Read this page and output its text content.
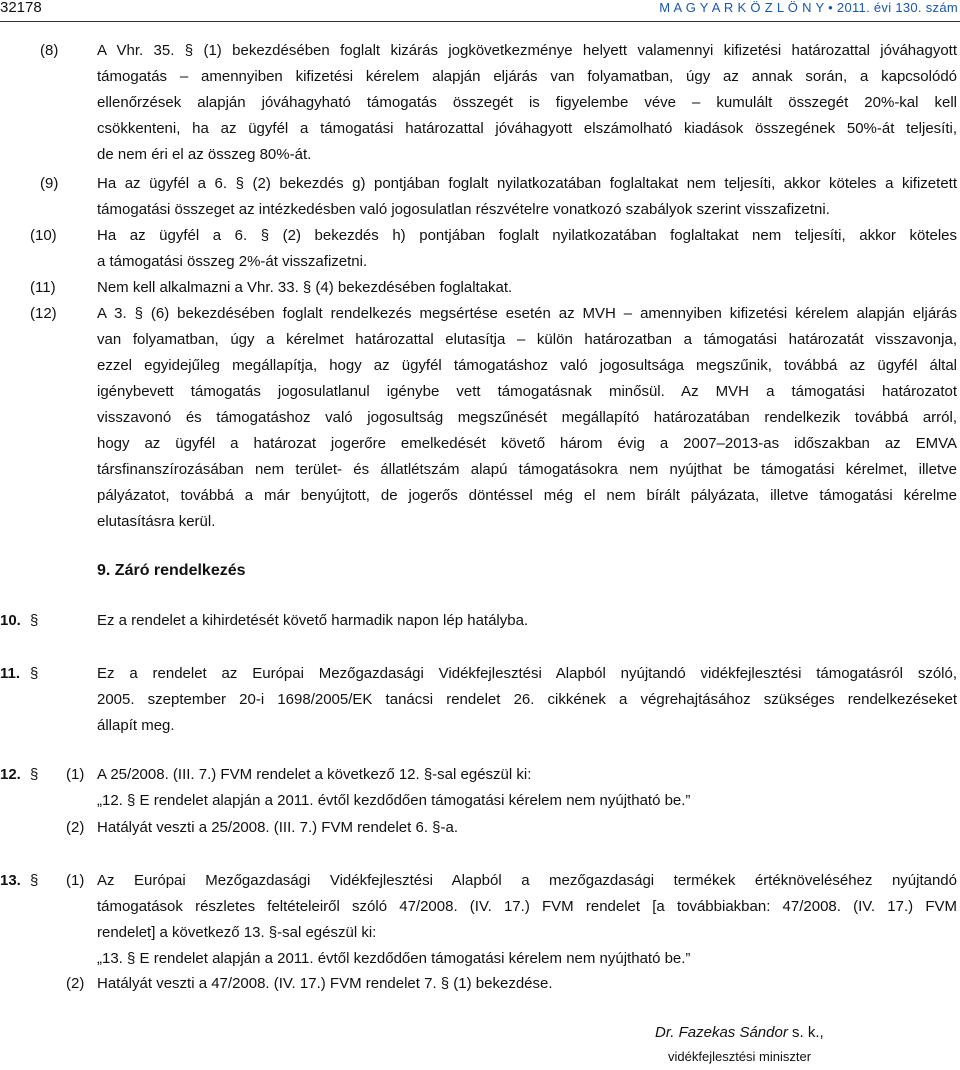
32178	M A G Y A R K Ö Z L Ö N Y • 2011. évi 130. szám
(8)	A Vhr. 35. § (1) bekezdésében foglalt kizárás jogkövetkezménye helyett valamennyi kifizetési határozattal jóváhagyott
támogatás – amennyiben kifizetési kérelem alapján eljárás van folyamatban, úgy az annak során, a kapcsolódó
ellenőrzések alapján jóváhagyható támogatás összegét is figyelembe véve – kumulált összegét 20%-kal kell
csökkenteni, ha az ügyfél a támogatási határozattal jóváhagyott elszámolható kiadások összegének 50%-át teljesíti,
de nem éri el az összeg 80%-át.
(9)	Ha az ügyfél a 6. § (2) bekezdés g) pontjában foglalt nyilatkozatában foglaltakat nem teljesíti, akkor köteles a kifizetett
támogatási összeget az intézkedésben való jogosulatlan részvételre vonatkozó szabályok szerint visszafizetni.
(10)	Ha az ügyfél a 6. § (2) bekezdés h) pontjában foglalt nyilatkozatában foglaltakat nem teljesíti, akkor köteles
a támogatási összeg 2%-át visszafizetni.
(11)	Nem kell alkalmazni a Vhr. 33. § (4) bekezdésében foglaltakat.
(12)	A 3. § (6) bekezdésében foglalt rendelkezés megsértése esetén az MVH – amennyiben kifizetési kérelem alapján eljárás
van folyamatban, úgy a kérelmet határozattal elutasítja – külön határozatban a támogatási határozatát visszavonja,
ezzel egyidejűleg megállapítja, hogy az ügyfél támogatáshoz való jogosultsága megszűnik, továbbá az ügyfél által
igénybevett támogatás jogosulatlanul igénybe vett támogatásnak minősül. Az MVH a támogatási határozatot
visszavonó és támogatáshoz való jogosultság megszűnését megállapító határozatában rendelkezik továbbá arról,
hogy az ügyfél a határozat jogerőre emelkedését követő három évig a 2007–2013-as időszakban az EMVA
társfinanszírozásában nem terület- és állatlétszám alapú támogatásokra nem nyújthat be támogatási kérelmet, illetve
pályázatot, továbbá a már benyújtott, de jogerős döntéssel még el nem bírált pályázata, illetve támogatási kérelme
elutasításra kerül.
9. Záró rendelkezés
10. §	Ez a rendelet a kihirdetését követő harmadik napon lép hatályba.
11. §	Ez a rendelet az Európai Mezőgazdasági Vidékfejlesztési Alapból nyújtandó vidékfejlesztési támogatásról szóló,
2005. szeptember 20-i 1698/2005/EK tanácsi rendelet 26. cikkének a végrehajtásához szükséges rendelkezéseket
állapít meg.
12. § (1) A 25/2008. (III. 7.) FVM rendelet a következő 12. §-sal egészül ki:
„12. § E rendelet alapján a 2011. évtől kezdődően támogatási kérelem nem nyújtható be.”
(2) Hatályát veszti a 25/2008. (III. 7.) FVM rendelet 6. §-a.
13. § (1) Az Európai Mezőgazdasági Vidékfejlesztési Alapból a mezőgazdasági termékek értéknöveléséhez nyújtandó
támogatások részletes feltételeiről szóló 47/2008. (IV. 17.) FVM rendelet [a továbbiakban: 47/2008. (IV. 17.) FVM
rendelet] a következő 13. §-sal egészül ki:
„13. § E rendelet alapján a 2011. évtől kezdődően támogatási kérelem nem nyújtható be.”
(2) Hatályát veszti a 47/2008. (IV. 17.) FVM rendelet 7. § (1) bekezdése.
Dr. Fazekas Sándor s. k.,
vidékfejlesztési miniszter
